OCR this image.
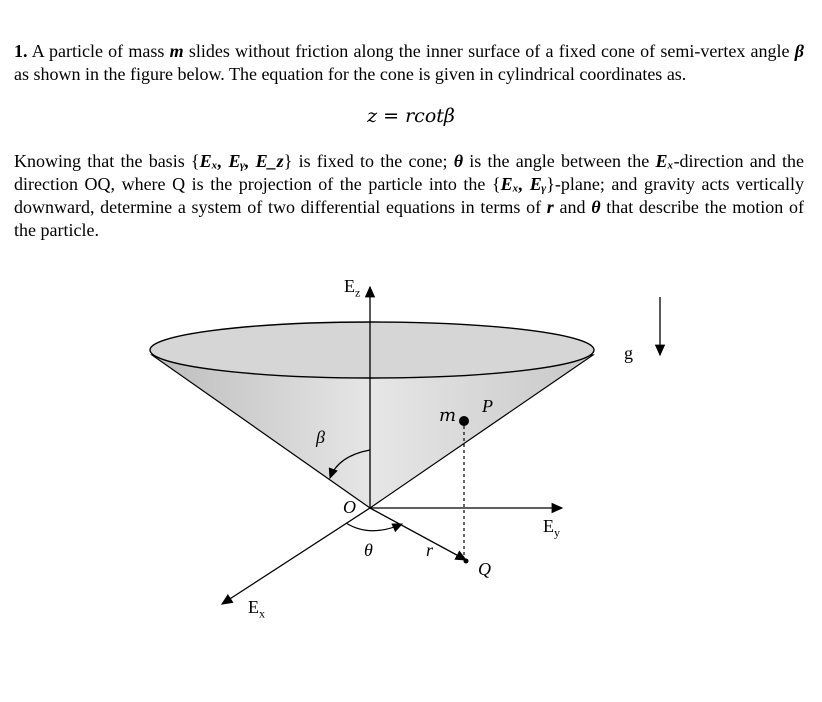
1. A particle of mass m slides without friction along the inner surface of a fixed cone of semi-vertex angle β as shown in the figure below. The equation for the cone is given in cylindrical coordinates as.

z = rcotβ

Knowing that the basis {Eₓ, Eᵧ, E_z} is fixed to the cone; θ is the angle between the Eₓ-direction and the direction OQ, where Q is the projection of the particle into the {Eₓ, Eᵧ}-plane; and gravity acts vertically downward, determine a system of two differential equations in terms of r and θ that describe the motion of the particle.

$E_z$
$E_y$
$E_x$
β
O
θ	r
Q
P
m
g
